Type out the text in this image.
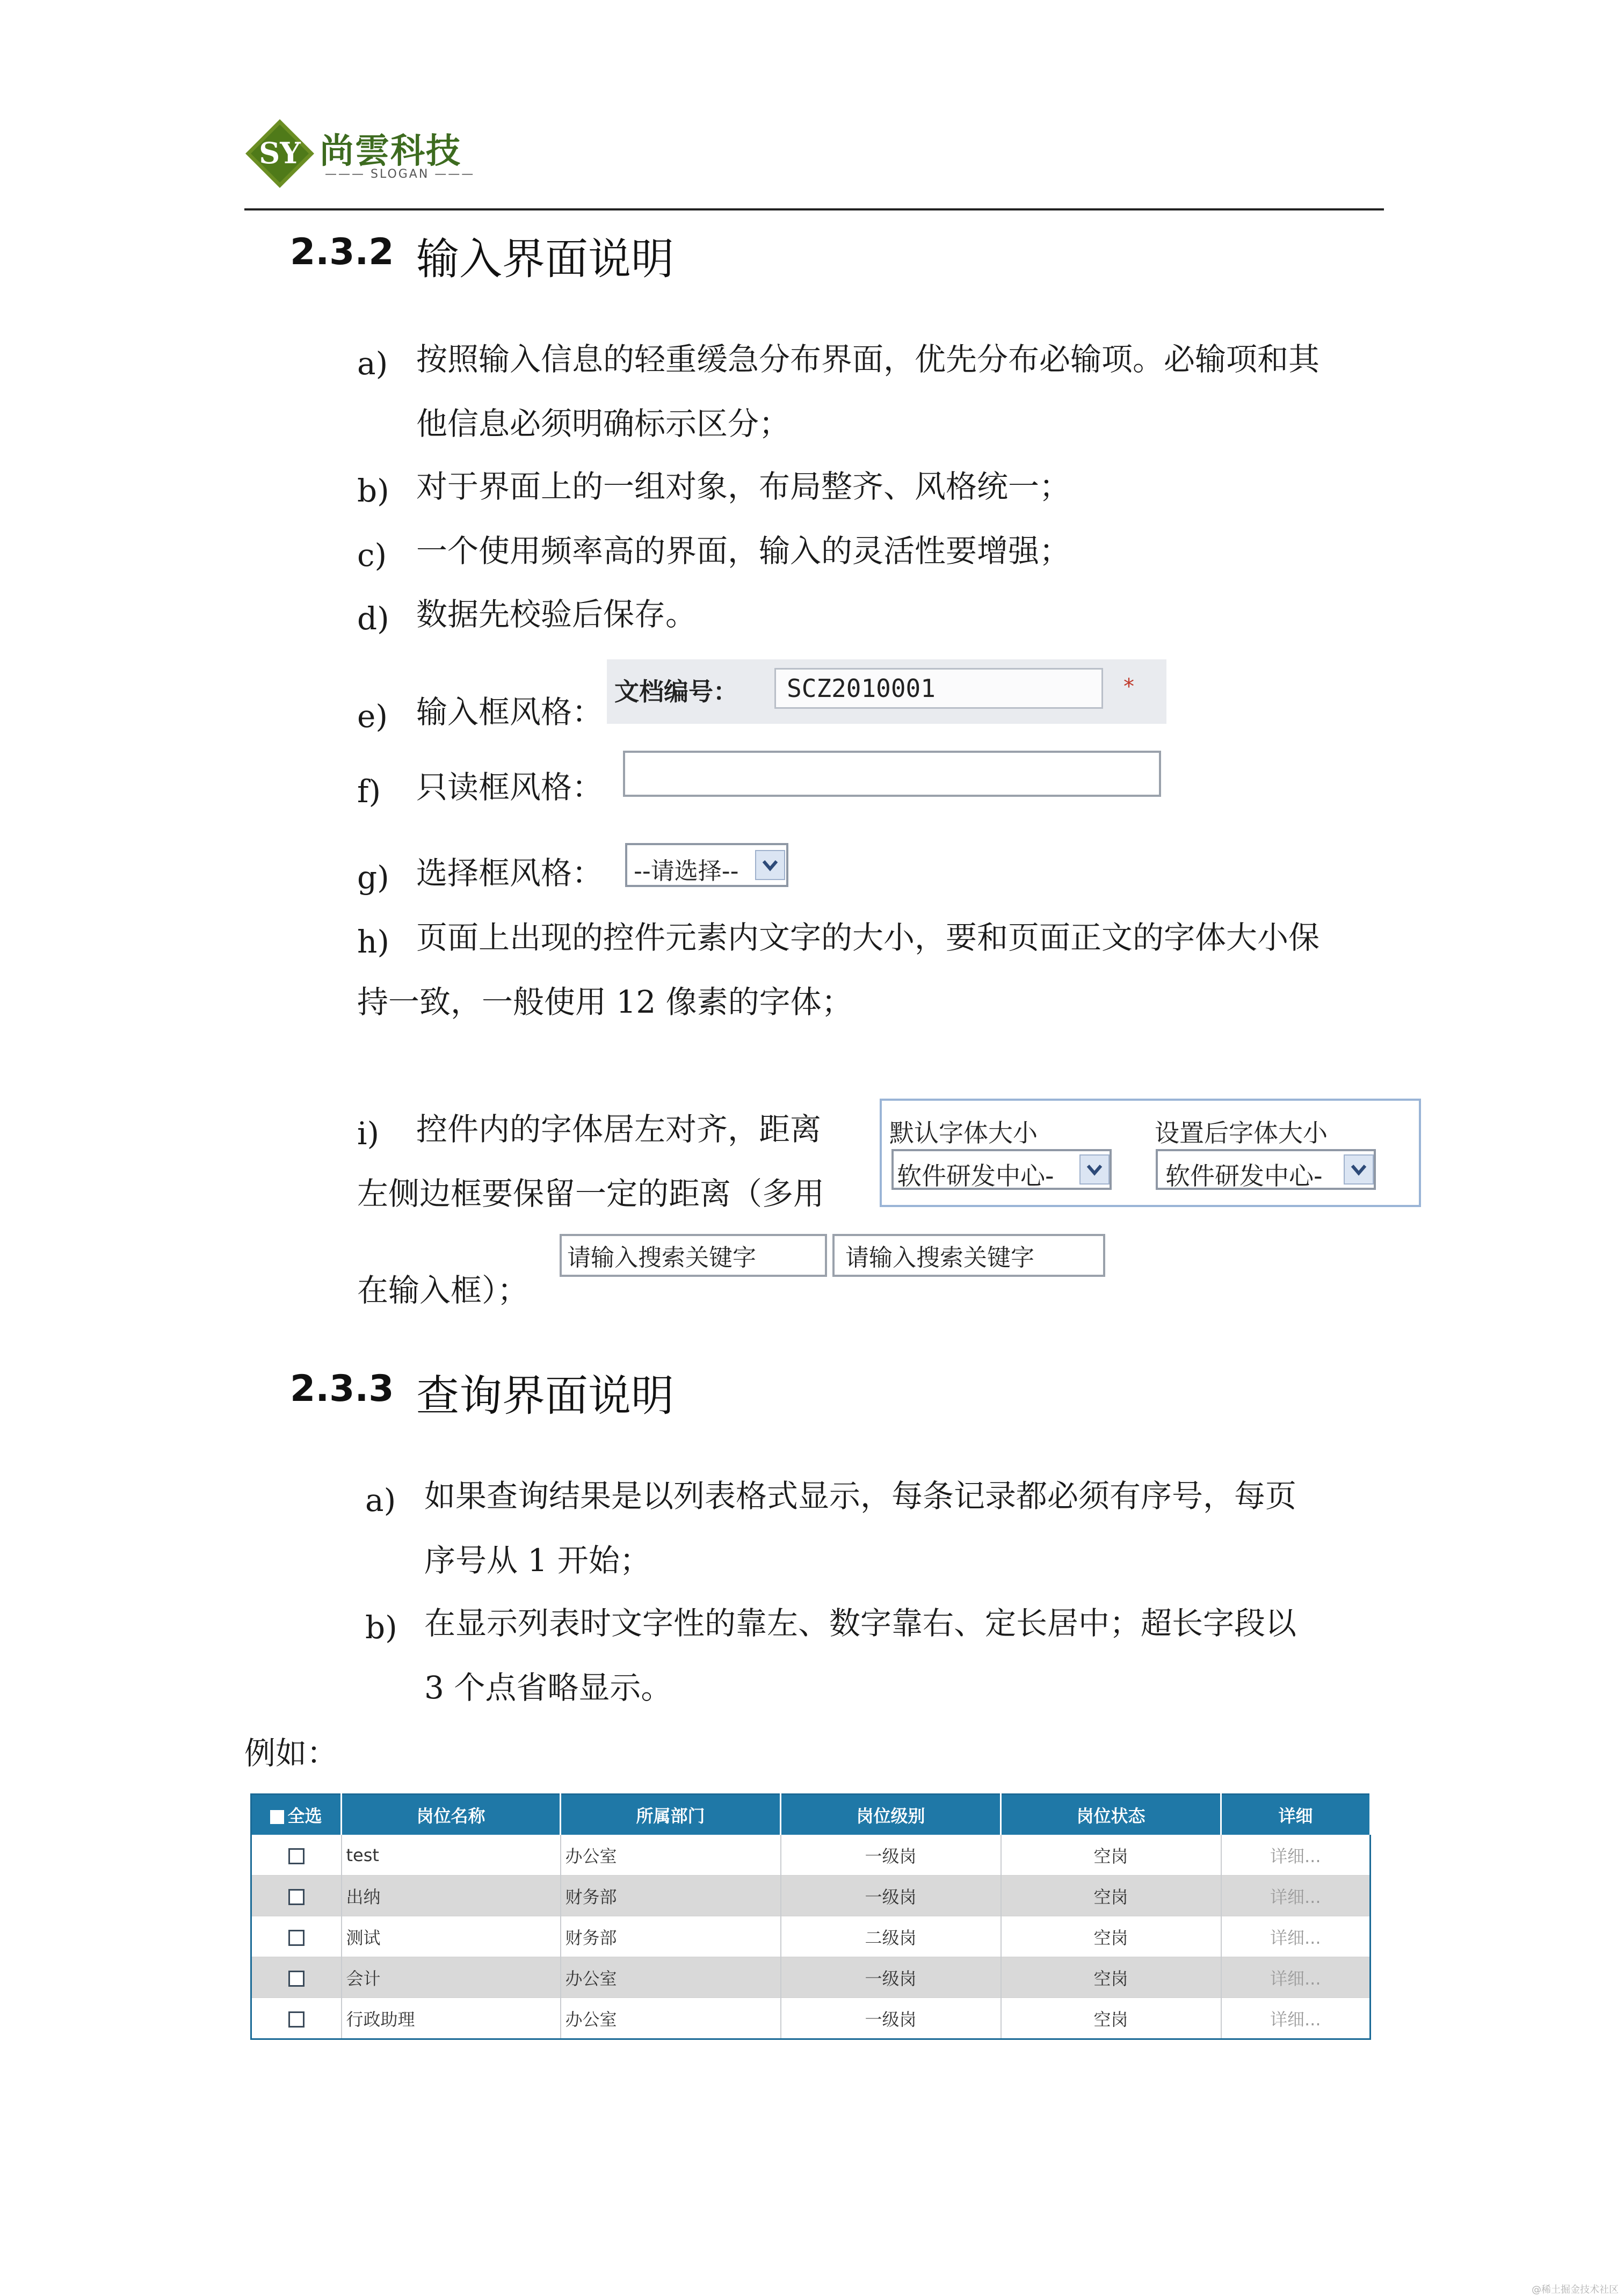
SY 尚雲科技
——— SLOGAN ———
2.3.2 输入界面说明
a) 按照输入信息的轻重缓急分布界面，优先分布必输项。必输项和其
他信息必须明确标示区分；
b) 对于界面上的一组对象，布局整齐、风格统一；
c) 一个使用频率高的界面，输入的灵活性要增强；
d) 数据先校验后保存。
e) 输入框风格：
文档编号：	SCZ2010001	*
f) 只读框风格：
g) 选择框风格： --请选择--
h) 页面上出现的控件元素内文字的大小，要和页面正文的字体大小保
持一致，一般使用 12 像素的字体；
i) 控件内的字体居左对齐，距离
左侧边框要保留一定的距离（多用
在输入框）；
默认字体大小	设置后字体大小
软件研发中心-	软件研发中心-
请输入搜索关键字	请输入搜索关键字
2.3.3 查询界面说明
a) 如果查询结果是以列表格式显示，每条记录都必须有序号，每页
序号从 1 开始；
b) 在显示列表时文字性的靠左、数字靠右、定长居中；超长字段以
3 个点省略显示。
例如：
全选	岗位名称	所属部门	岗位级别	岗位状态	详细
	test	办公室	一级岗	空岗	详细...
	出纳	财务部	一级岗	空岗	详细...
	测试	财务部	二级岗	空岗	详细...
	会计	办公室	一级岗	空岗	详细...
	行政助理	办公室	一级岗	空岗	详细...
@稀土掘金技术社区
